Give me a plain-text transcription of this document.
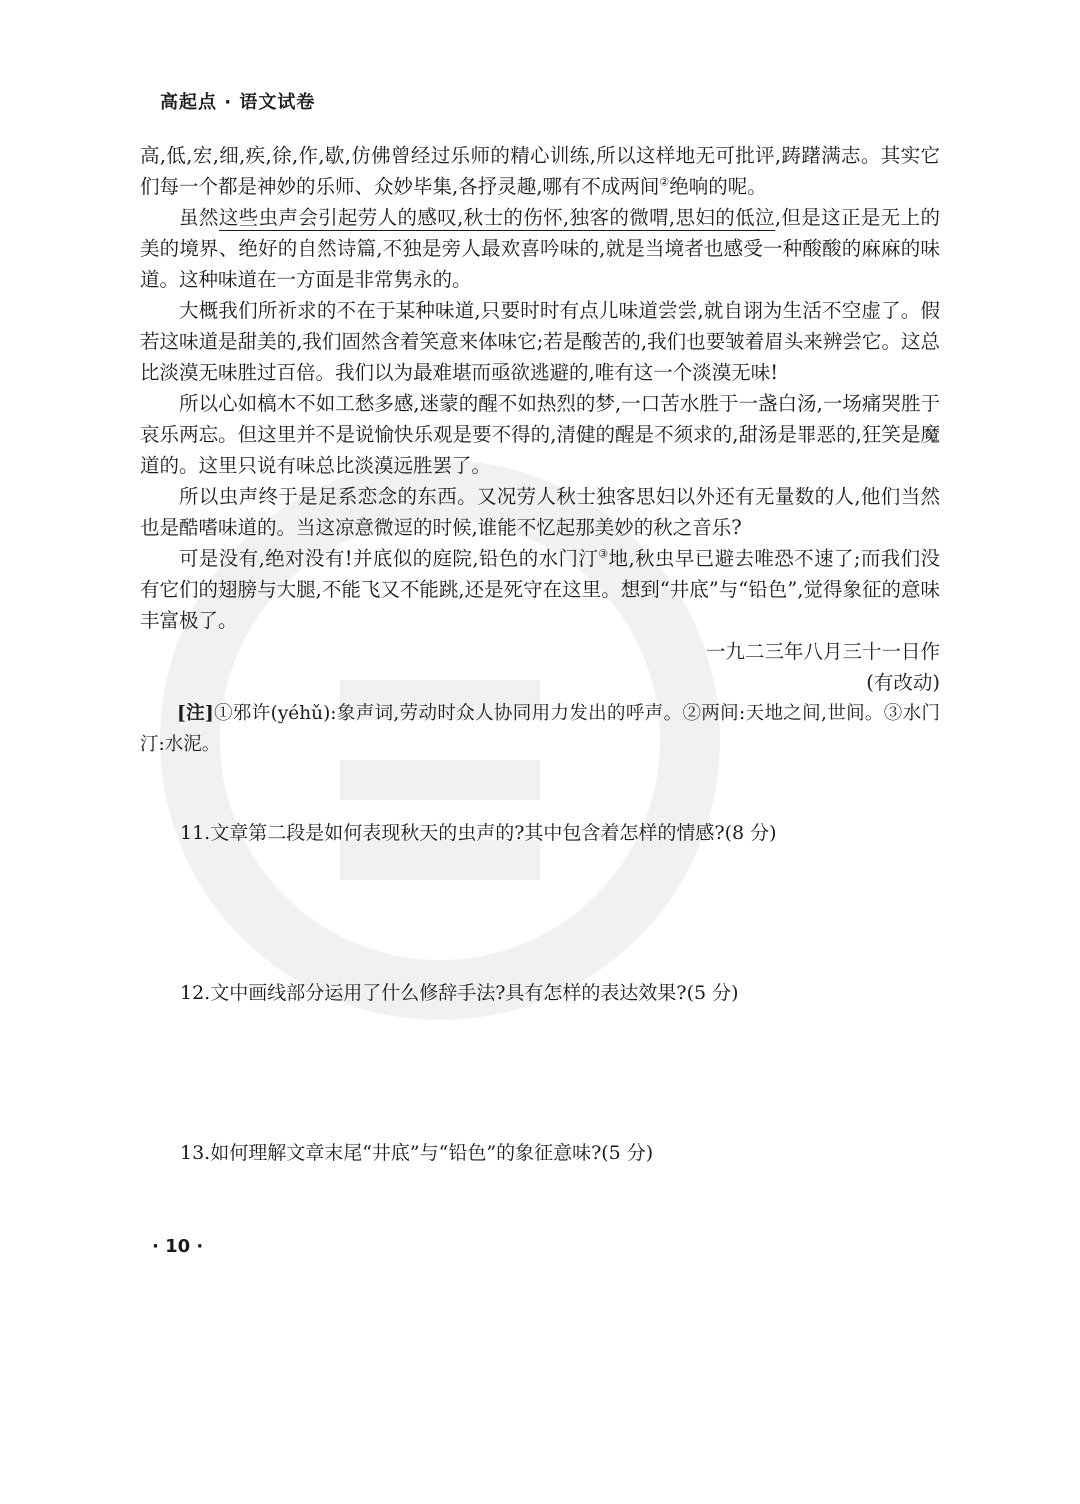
高起点 · 语文试卷

高,低,宏,细,疾,徐,作,歇,仿佛曾经过乐师的精心训练,所以这样地无可批评,踌躇满志。其实它们每一个都是神妙的乐师、众妙毕集,各抒灵趣,哪有不成两间②绝响的呢。

虽然这些虫声会引起劳人的感叹,秋士的伤怀,独客的微喟,思妇的低泣,但是这正是无上的美的境界、绝好的自然诗篇,不独是旁人最欢喜吟味的,就是当境者也感受一种酸酸的麻麻的味道。这种味道在一方面是非常隽永的。

大概我们所祈求的不在于某种味道,只要时时有点儿味道尝尝,就自诩为生活不空虚了。假若这味道是甜美的,我们固然含着笑意来体味它;若是酸苦的,我们也要皱着眉头来辨尝它。这总比淡漠无味胜过百倍。我们以为最难堪而亟欲逃避的,唯有这一个淡漠无味!

所以心如槁木不如工愁多感,迷蒙的醒不如热烈的梦,一口苦水胜于一盏白汤,一场痛哭胜于哀乐两忘。但这里并不是说愉快乐观是要不得的,清健的醒是不须求的,甜汤是罪恶的,狂笑是魔道的。这里只说有味总比淡漠远胜罢了。

所以虫声终于是足系恋念的东西。又况劳人秋士独客思妇以外还有无量数的人,他们当然也是酷嗜味道的。当这凉意微逗的时候,谁能不忆起那美妙的秋之音乐?

可是没有,绝对没有!并底似的庭院,铅色的水门汀③地,秋虫早已避去唯恐不速了;而我们没有它们的翅膀与大腿,不能飞又不能跳,还是死守在这里。想到“井底”与“铅色”,觉得象征的意味丰富极了。

一九二三年八月三十一日作

(有改动)

[注]①邪许(yéhǔ):象声词,劳动时众人协同用力发出的呼声。②两间:天地之间,世间。③水门汀:水泥。

11.文章第二段是如何表现秋天的虫声的?其中包含着怎样的情感?(8 分)
12.文中画线部分运用了什么修辞手法?具有怎样的表达效果?(5 分)
13.如何理解文章末尾“井底”与“铅色”的象征意味?(5 分)
· 10 ·
